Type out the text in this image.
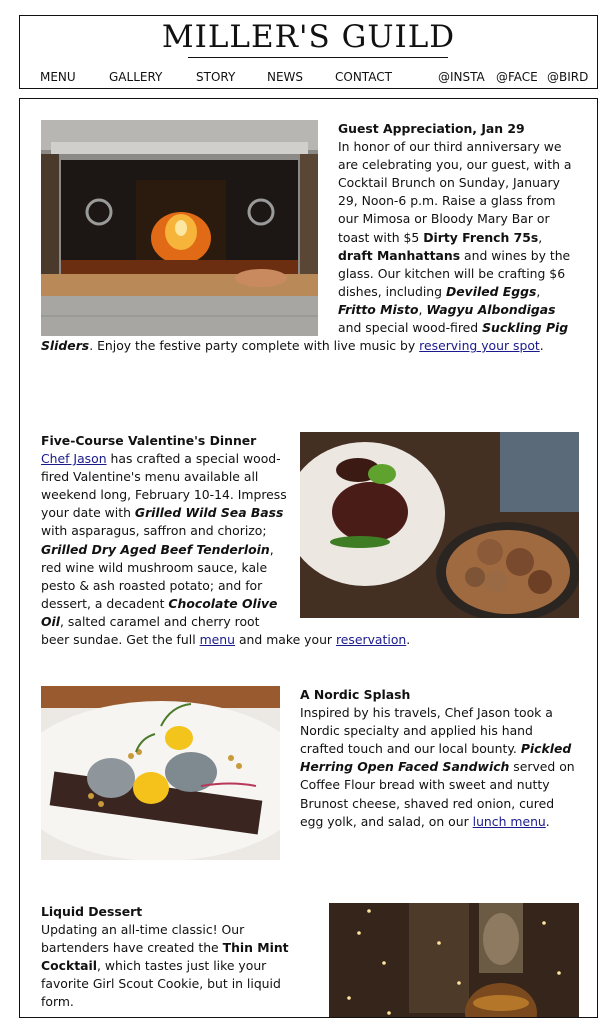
MILLER'S GUILD
MENU	GALLERY	STORY	NEWS	CONTACT	@INSTA @FACE @BIRD
Guest Appreciation, Jan 29
In honor of our third anniversary we are celebrating you, our guest, with a Cocktail Brunch on Sunday, January 29, Noon-6 p.m. Raise a glass from our Mimosa or Bloody Mary Bar or toast with $5 Dirty French 75s, draft Manhattans and wines by the glass. Our kitchen will be crafting $6 dishes, including Deviled Eggs, Fritto Misto, Wagyu Albondigas and special wood-fired Suckling Pig Sliders. Enjoy the festive party complete with live music by reserving your spot.
Five-Course Valentine's Dinner
Chef Jason has crafted a special wood-fired Valentine's menu available all weekend long, February 10-14. Impress your date with Grilled Wild Sea Bass with asparagus, saffron and chorizo; Grilled Dry Aged Beef Tenderloin, red wine wild mushroom sauce, kale pesto & ash roasted potato; and for dessert, a decadent Chocolate Olive Oil, salted caramel and cherry root beer sundae. Get the full menu and make your reservation.
A Nordic Splash
Inspired by his travels, Chef Jason took a Nordic specialty and applied his hand crafted touch and our local bounty. Pickled Herring Open Faced Sandwich served on Coffee Flour bread with sweet and nutty Brunost cheese, shaved red onion, cured egg yolk, and salad, on our lunch menu.
Liquid Dessert
Updating an all-time classic! Our bartenders have created the Thin Mint Cocktail, which tastes just like your favorite Girl Scout Cookie, but in liquid form.
